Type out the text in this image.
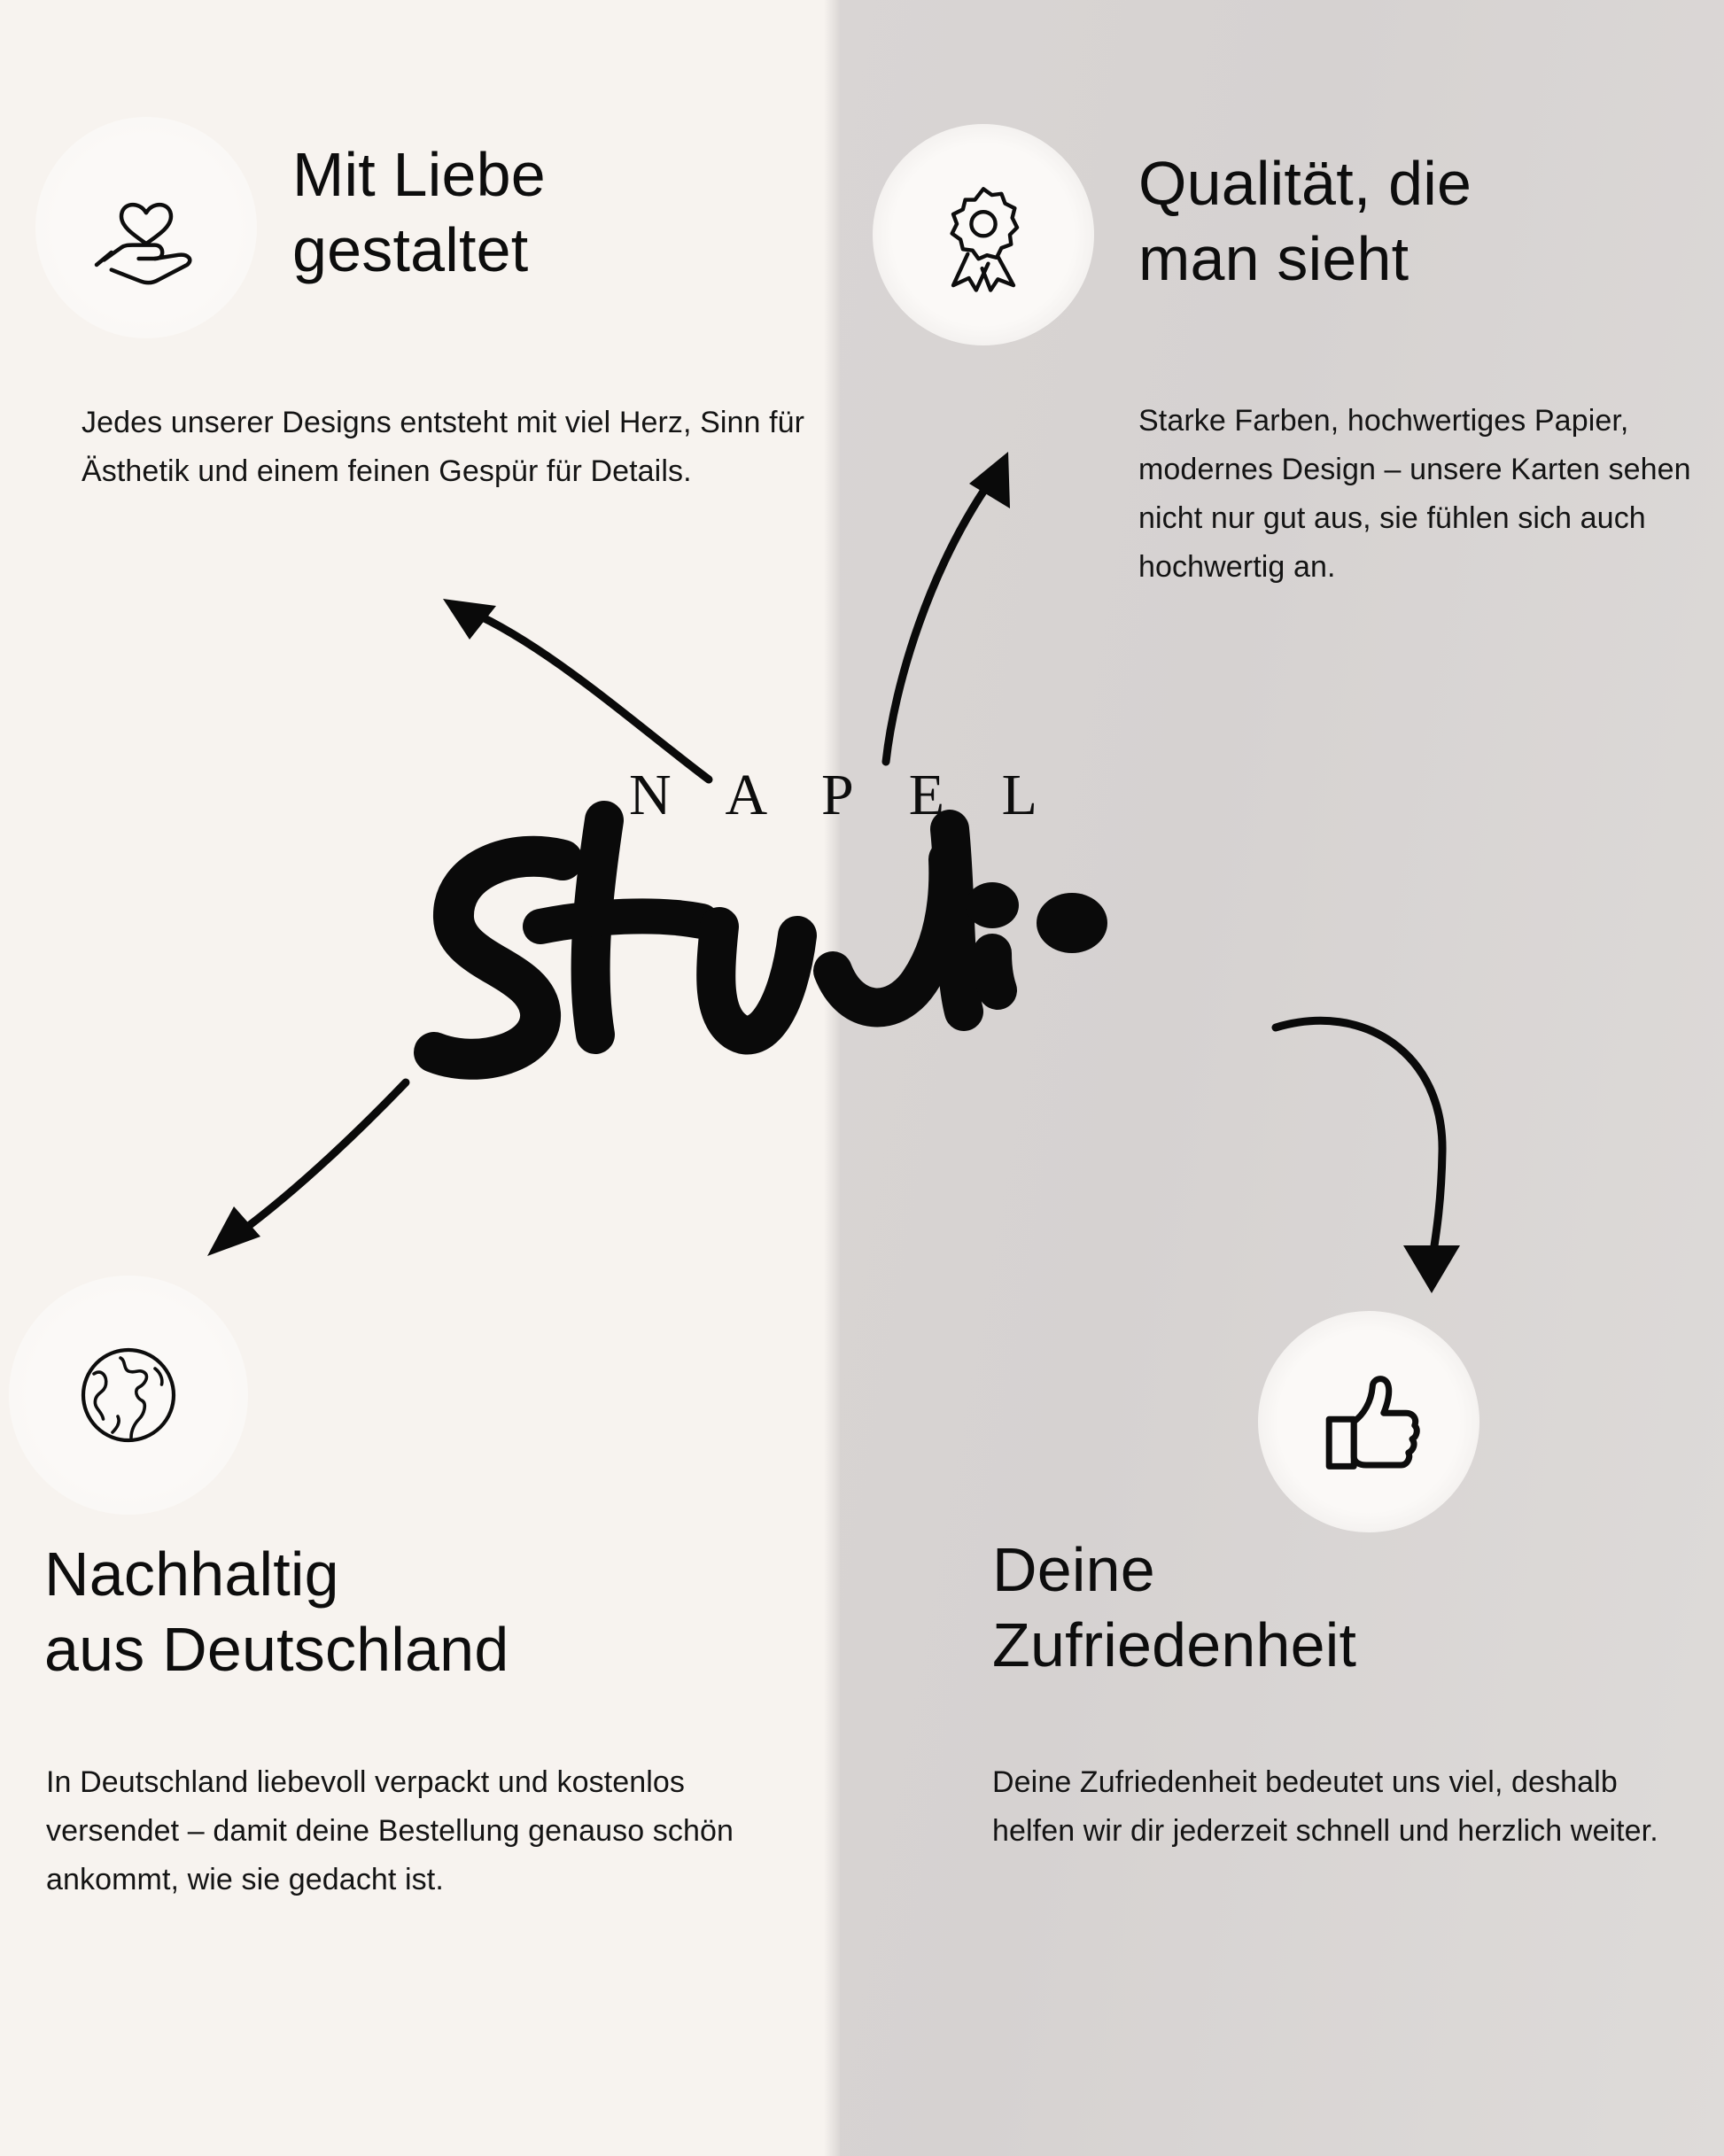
Mit Liebe
gestaltet
Jedes unserer Designs entsteht mit viel Herz, Sinn für Ästhetik und einem feinen Gespür für Details.
Qualität, die
man sieht
Starke Farben, hochwertiges Papier, modernes Design – unsere Karten sehen nicht nur gut aus, sie fühlen sich auch hochwertig an.
Nachhaltig
aus Deutschland
In Deutschland liebevoll verpackt und kostenlos versendet – damit deine Bestellung genauso schön ankommt, wie sie gedacht ist.
Deine
Zufriedenheit
Deine Zufriedenheit bedeutet uns viel, deshalb helfen wir dir jederzeit schnell und herzlich weiter.
N A P E L
